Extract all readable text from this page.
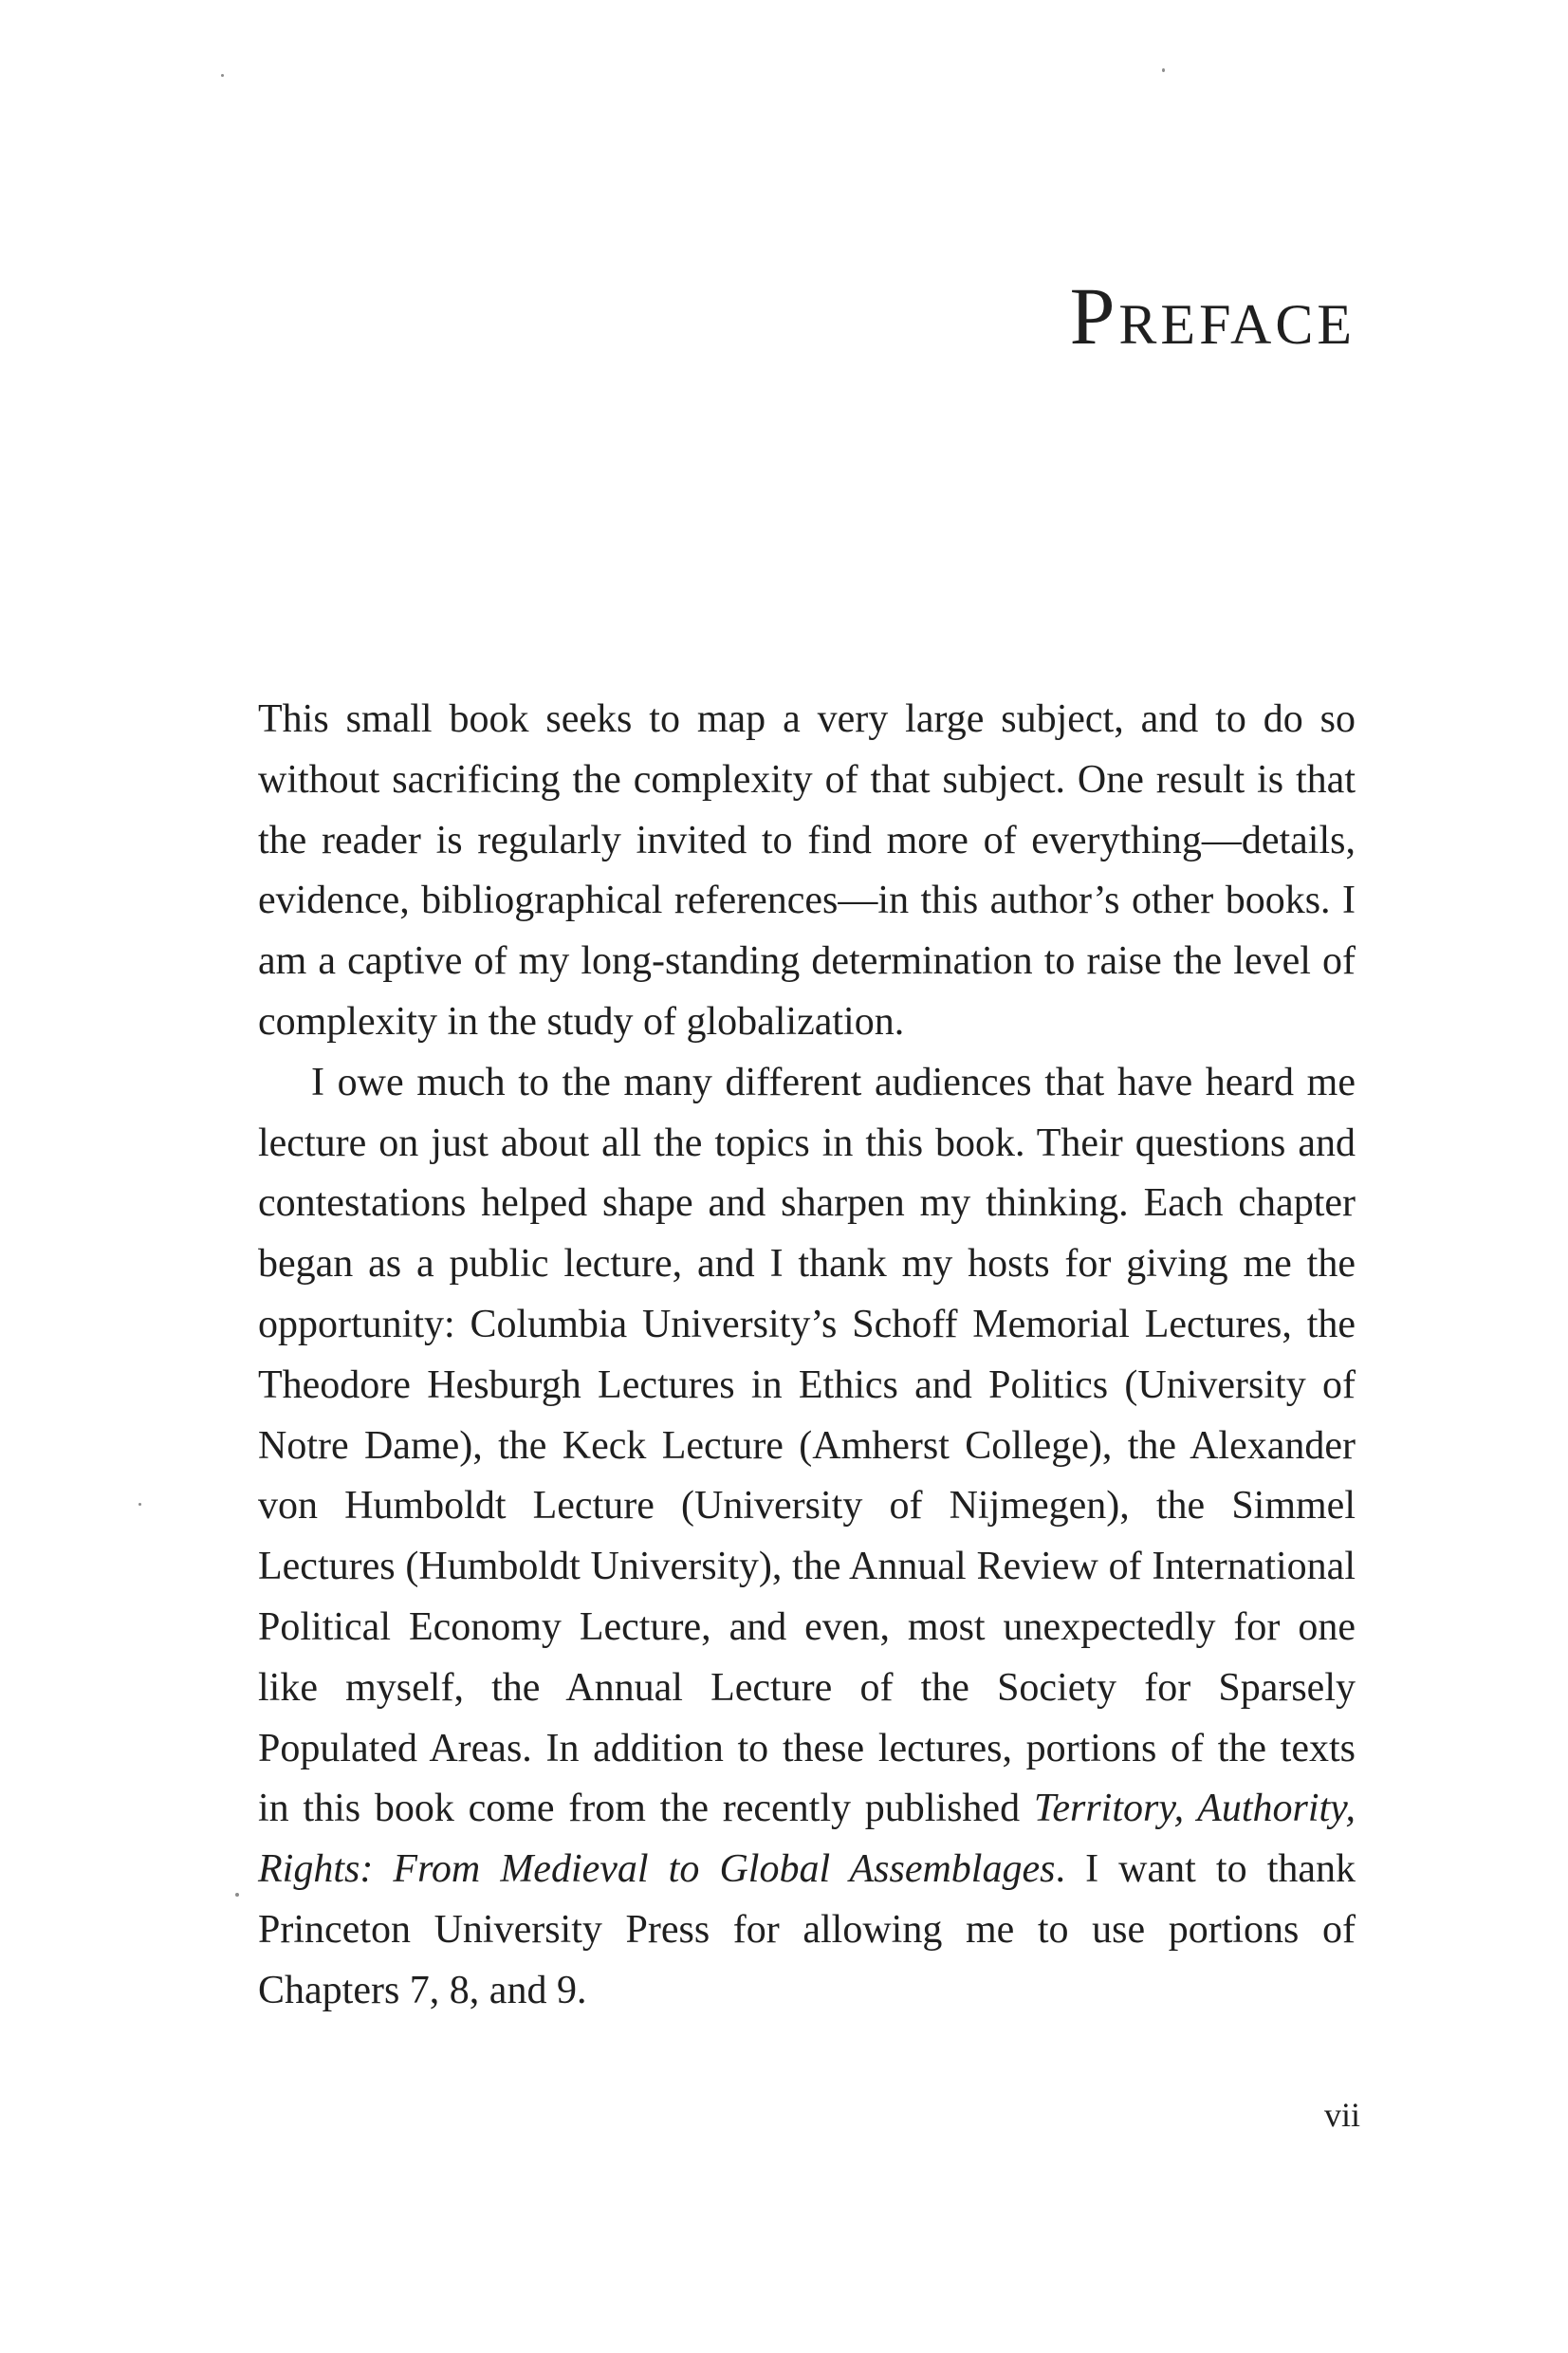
Preface

This small book seeks to map a very large subject, and to do so without sacrificing the complexity of that subject. One result is that the reader is regularly invited to find more of everything—details, evidence, bibliographical references—in this author’s other books. I am a captive of my long-standing determination to raise the level of complexity in the study of globalization.

I owe much to the many different audiences that have heard me lecture on just about all the topics in this book. Their questions and contestations helped shape and sharpen my thinking. Each chapter began as a public lecture, and I thank my hosts for giving me the opportunity: Columbia University’s Schoff Memorial Lectures, the Theodore Hesburgh Lectures in Ethics and Politics (University of Notre Dame), the Keck Lecture (Amherst College), the Alexander von Humboldt Lecture (University of Nijmegen), the Simmel Lectures (Humboldt University), the Annual Review of International Political Economy Lecture, and even, most unexpectedly for one like myself, the Annual Lecture of the Society for Sparsely Populated Areas. In addition to these lectures, portions of the texts in this book come from the recently published Territory, Authority, Rights: From Medieval to Global Assemblages. I want to thank Princeton University Press for allowing me to use portions of Chapters 7, 8, and 9.

vii
